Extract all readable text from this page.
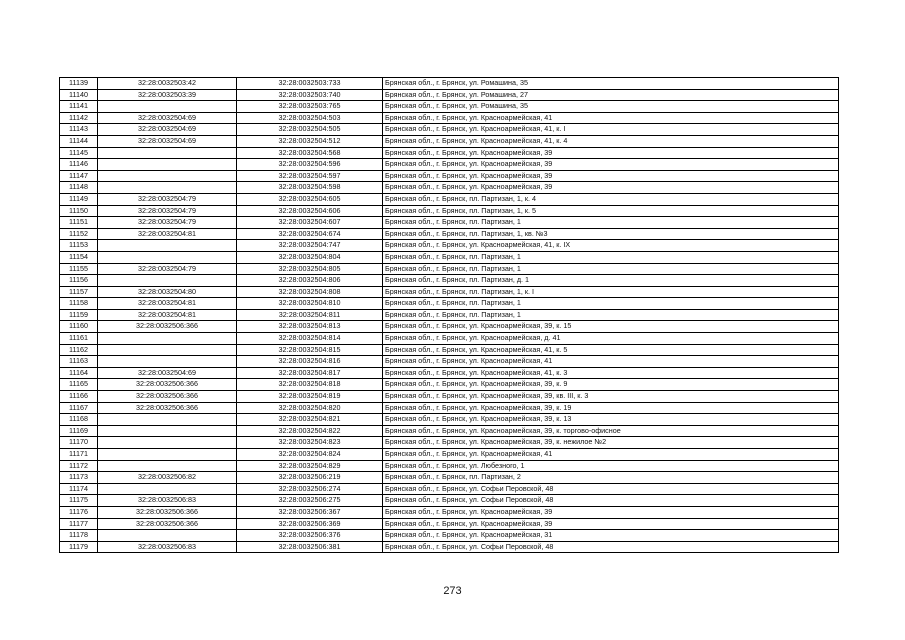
11139	32:28:0032503:42	32:28:0032503:733	Брянская обл., г. Брянск, ул. Ромашина, 35
11140	32:28:0032503:39	32:28:0032503:740	Брянская обл., г. Брянск, ул. Ромашина, 27
11141		32:28:0032503:765	Брянская обл., г. Брянск, ул. Ромашина, 35
11142	32:28:0032504:69	32:28:0032504:503	Брянская обл., г. Брянск, ул. Красноармейская, 41
11143	32:28:0032504:69	32:28:0032504:505	Брянская обл., г. Брянск, ул. Красноармейская, 41, к. I
11144	32:28:0032504:69	32:28:0032504:512	Брянская обл., г. Брянск, ул. Красноармейская, 41, к. 4
11145		32:28:0032504:568	Брянская обл., г. Брянск, ул. Красноармейская, 39
11146		32:28:0032504:596	Брянская обл., г. Брянск, ул. Красноармейская, 39
11147		32:28:0032504:597	Брянская обл., г. Брянск, ул. Красноармейская, 39
11148		32:28:0032504:598	Брянская обл., г. Брянск, ул. Красноармейская, 39
11149	32:28:0032504:79	32:28:0032504:605	Брянская обл., г. Брянск, пл. Партизан, 1, к. 4
11150	32:28:0032504:79	32:28:0032504:606	Брянская обл., г. Брянск, пл. Партизан, 1, к. 5
11151	32:28:0032504:79	32:28:0032504:607	Брянская обл., г. Брянск, пл. Партизан, 1
11152	32:28:0032504:81	32:28:0032504:674	Брянская обл., г. Брянск, пл. Партизан, 1, кв. №3
11153		32:28:0032504:747	Брянская обл., г. Брянск, ул. Красноармейская, 41, к. IX
11154		32:28:0032504:804	Брянская обл., г. Брянск, пл. Партизан, 1
11155	32:28:0032504:79	32:28:0032504:805	Брянская обл., г. Брянск, пл. Партизан, 1
11156		32:28:0032504:806	Брянская обл., г. Брянск, пл. Партизан, д. 1
11157	32:28:0032504:80	32:28:0032504:808	Брянская обл., г. Брянск, пл. Партизан, 1, к. I
11158	32:28:0032504:81	32:28:0032504:810	Брянская обл., г. Брянск, пл. Партизан, 1
11159	32:28:0032504:81	32:28:0032504:811	Брянская обл., г. Брянск, пл. Партизан, 1
11160	32:28:0032506:366	32:28:0032504:813	Брянская обл., г. Брянск, ул. Красноармейская, 39, к. 15
11161		32:28:0032504:814	Брянская обл., г. Брянск, ул. Красноармейская, д. 41
11162		32:28:0032504:815	Брянская обл., г. Брянск, ул. Красноармейская, 41, к. 5
11163		32:28:0032504:816	Брянская обл., г. Брянск, ул. Красноармейская, 41
11164	32:28:0032504:69	32:28:0032504:817	Брянская обл., г. Брянск, ул. Красноармейская, 41, к. 3
11165	32:28:0032506:366	32:28:0032504:818	Брянская обл., г. Брянск, ул. Красноармейская, 39, к. 9
11166	32:28:0032506:366	32:28:0032504:819	Брянская обл., г. Брянск, ул. Красноармейская, 39, кв. III, к. 3
11167	32:28:0032506:366	32:28:0032504:820	Брянская обл., г. Брянск, ул. Красноармейская, 39, к. 19
11168		32:28:0032504:821	Брянская обл., г. Брянск, ул. Красноармейская, 39, к. 13
11169		32:28:0032504:822	Брянская обл., г. Брянск, ул. Красноармейская, 39, к. торгово-офисное
11170		32:28:0032504:823	Брянская обл., г. Брянск, ул. Красноармейская, 39, к. нежилое №2
11171		32:28:0032504:824	Брянская обл., г. Брянск, ул. Красноармейская, 41
11172		32:28:0032504:829	Брянская обл., г. Брянск, ул. Любезного, 1
11173	32:28:0032506:82	32:28:0032506:219	Брянская обл., г. Брянск, пл. Партизан, 2
11174		32:28:0032506:274	Брянская обл., г. Брянск, ул. Софьи Перовской, 48
11175	32:28:0032506:83	32:28:0032506:275	Брянская обл., г. Брянск, ул. Софьи Перовской, 48
11176	32:28:0032506:366	32:28:0032506:367	Брянская обл., г. Брянск, ул. Красноармейская, 39
11177	32:28:0032506:366	32:28:0032506:369	Брянская обл., г. Брянск, ул. Красноармейская, 39
11178		32:28:0032506:376	Брянская обл., г. Брянск, ул. Красноармейская, 31
11179	32:28:0032506:83	32:28:0032506:381	Брянская обл., г. Брянск, ул. Софьи Перовской, 48
273
